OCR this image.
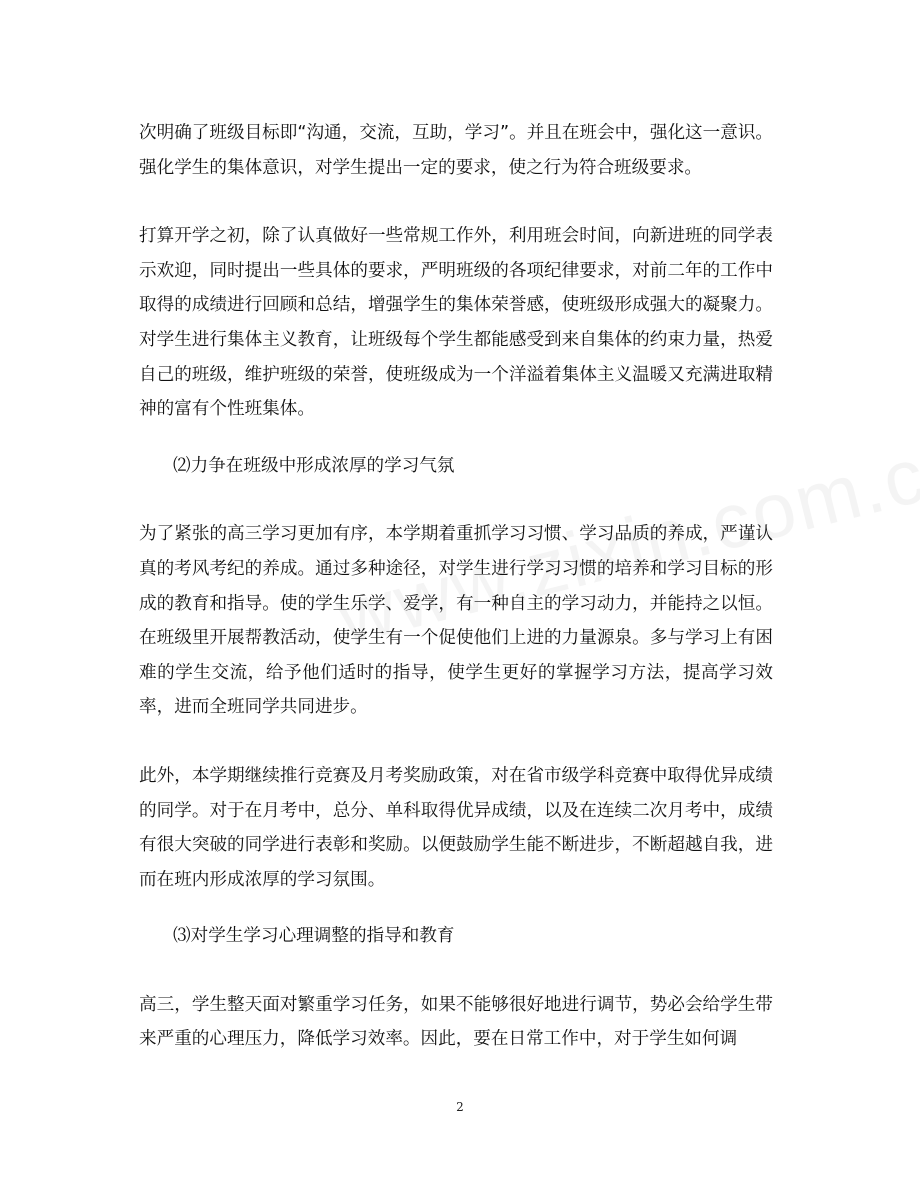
次明确了班级目标即“沟通，交流，互助，学习”。并且在班会中，强化这一意识。强化学生的集体意识，对学生提出一定的要求，使之行为符合班级要求。

打算开学之初，除了认真做好一些常规工作外，利用班会时间，向新进班的同学表示欢迎，同时提出一些具体的要求，严明班级的各项纪律要求，对前二年的工作中取得的成绩进行回顾和总结，增强学生的集体荣誉感，使班级形成强大的凝聚力。对学生进行集体主义教育，让班级每个学生都能感受到来自集体的约束力量，热爱自己的班级，维护班级的荣誉，使班级成为一个洋溢着集体主义温暖又充满进取精神的富有个性班集体。

⑵力争在班级中形成浓厚的学习气氛

为了紧张的高三学习更加有序，本学期着重抓学习习惯、学习品质的养成，严谨认真的考风考纪的养成。通过多种途径，对学生进行学习习惯的培养和学习目标的形成的教育和指导。使的学生乐学、爱学，有一种自主的学习动力，并能持之以恒。在班级里开展帮教活动，使学生有一个促使他们上进的力量源泉。多与学习上有困难的学生交流，给予他们适时的指导，使学生更好的掌握学习方法，提高学习效率，进而全班同学共同进步。

此外，本学期继续推行竞赛及月考奖励政策，对在省市级学科竞赛中取得优异成绩的同学。对于在月考中，总分、单科取得优异成绩，以及在连续二次月考中，成绩有很大突破的同学进行表彰和奖励。以便鼓励学生能不断进步，不断超越自我，进而在班内形成浓厚的学习氛围。

⑶对学生学习心理调整的指导和教育

高三，学生整天面对繁重学习任务，如果不能够很好地进行调节，势必会给学生带来严重的心理压力，降低学习效率。因此，要在日常工作中，对于学生如何调

2
